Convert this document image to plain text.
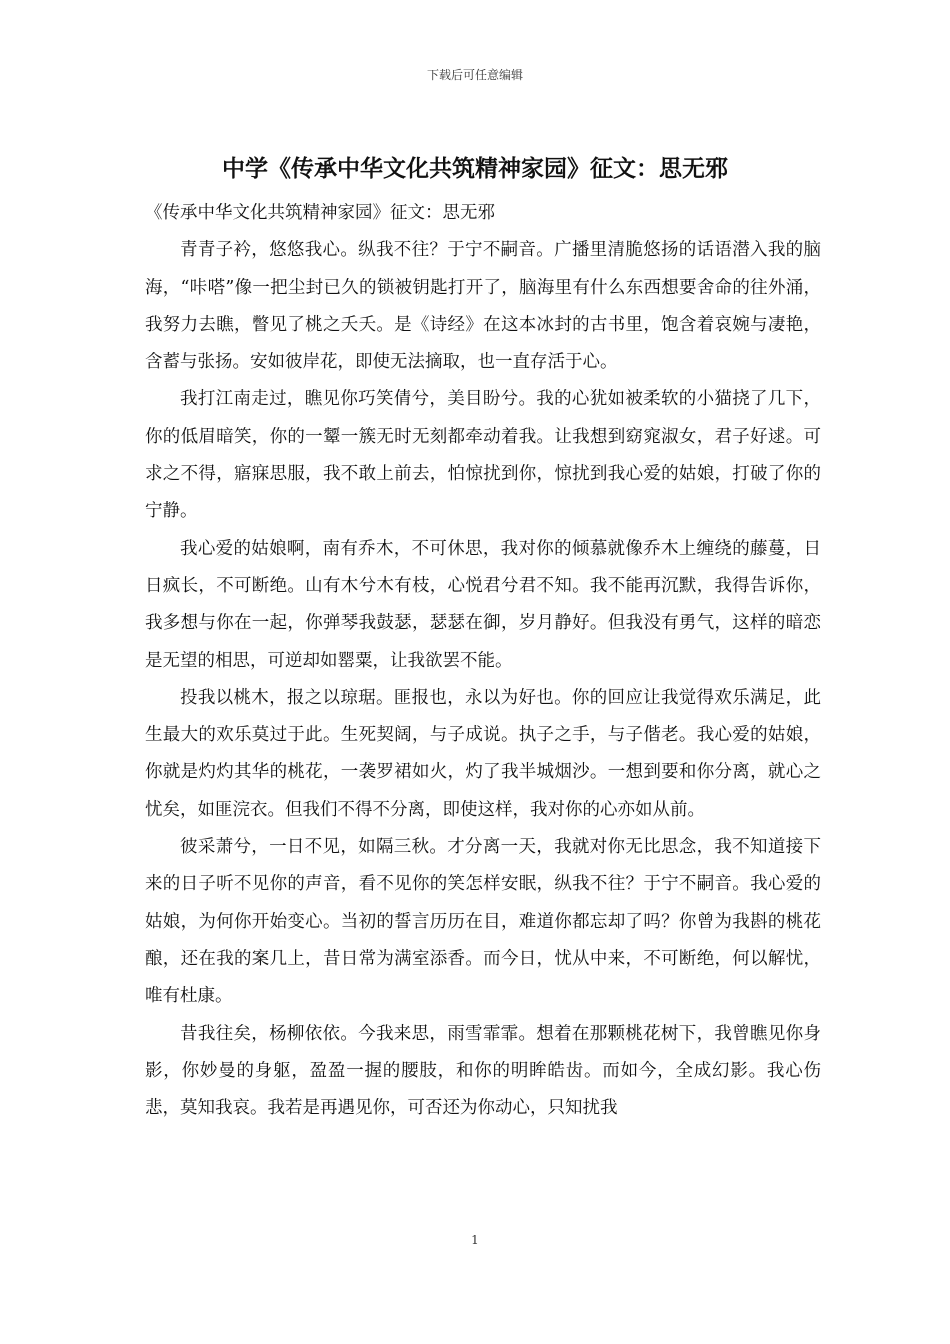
下载后可任意编辑
中学《传承中华文化共筑精神家园》征文：思无邪

《传承中华文化共筑精神家园》征文：思无邪

青青子衿，悠悠我心。纵我不往？于宁不嗣音。广播里清脆悠扬的话语潜入我的脑海，“咔嗒”像一把尘封已久的锁被钥匙打开了，脑海里有什么东西想要舍命的往外涌，我努力去瞧，瞥见了桃之夭夭。是《诗经》在这本冰封的古书里，饱含着哀婉与凄艳，含蓄与张扬。安如彼岸花，即使无法摘取，也一直存活于心。

我打江南走过，瞧见你巧笑倩兮，美目盼兮。我的心犹如被柔软的小猫挠了几下，你的低眉暗笑，你的一颦一簇无时无刻都牵动着我。让我想到窈窕淑女，君子好逑。可求之不得，寤寐思服，我不敢上前去，怕惊扰到你，惊扰到我心爱的姑娘，打破了你的宁静。

我心爱的姑娘啊，南有乔木，不可休思，我对你的倾慕就像乔木上缠绕的藤蔓，日日疯长，不可断绝。山有木兮木有枝，心悦君兮君不知。我不能再沉默，我得告诉你，我多想与你在一起，你弹琴我鼓瑟，瑟瑟在御，岁月静好。但我没有勇气，这样的暗恋是无望的相思，可逆却如罂粟，让我欲罢不能。

投我以桃木，报之以琼琚。匪报也，永以为好也。你的回应让我觉得欢乐满足，此生最大的欢乐莫过于此。生死契阔，与子成说。执子之手，与子偕老。我心爱的姑娘，你就是灼灼其华的桃花，一袭罗裙如火，灼了我半城烟沙。一想到要和你分离，就心之忧矣，如匪浣衣。但我们不得不分离，即使这样，我对你的心亦如从前。

彼采萧兮，一日不见，如隔三秋。才分离一天，我就对你无比思念，我不知道接下来的日子听不见你的声音，看不见你的笑怎样安眠，纵我不往？于宁不嗣音。我心爱的姑娘，为何你开始变心。当初的誓言历历在目，难道你都忘却了吗？你曾为我斟的桃花酿，还在我的案几上，昔日常为满室添香。而今日，忧从中来，不可断绝，何以解忧，唯有杜康。

昔我往矣，杨柳依依。今我来思，雨雪霏霏。想着在那颗桃花树下，我曾瞧见你身影，你妙曼的身躯，盈盈一握的腰肢，和你的明眸皓齿。而如今，全成幻影。我心伤悲，莫知我哀。我若是再遇见你，可否还为你动心，只知扰我

1
